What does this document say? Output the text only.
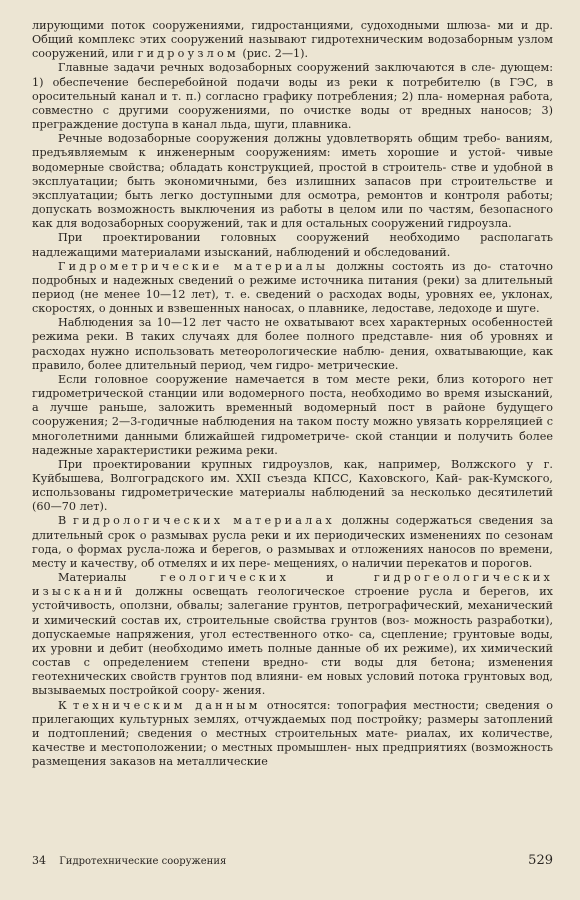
лирующими поток сооружениями, гидростанциями, судоходными шлюза- ми и др. Общий комплекс этих сооружений называют гидротехническим водозаборным узлом сооружений, или гидроузлом (рис. 2—1).

Главные задачи речных водозаборных сооружений заключаются в сле- дующем: 1) обеспечение бесперебойной подачи воды из реки к потребителю (в ГЭС, в оросительный канал и т. п.) согласно графику потребления; 2) пла- номерная работа, совместно с другими сооружениями, по очистке воды от вредных наносов; 3) преграждение доступа в канал льда, шуги, плавника.

Речные водозаборные сооружения должны удовлетворять общим требо- ваниям, предъявляемым к инженерным сооружениям: иметь хорошие и устой- чивые водомерные свойства; обладать конструкцией, простой в строитель- стве и удобной в эксплуатации; быть экономичными, без излишних запасов при строительстве и эксплуатации; быть легко доступными для осмотра, ремонтов и контроля работы; допускать возможность выключения из работы в целом или по частям, безопасного как для водозаборных сооружений, так и для остальных сооружений гидроузла.

При проектировании головных сооружений необходимо располагать надлежащими материалами изысканий, наблюдений и обследований.

Гидрометрические материалы должны состоять из до- статочно подробных и надежных сведений о режиме источника питания (реки) за длительный период (не менее 10—12 лет), т. е. сведений о расходах воды, уровнях ее, уклонах, скоростях, о донных и взвешенных наносах, о плавнике, ледоставе, ледоходе и шуге.

Наблюдения за 10—12 лет часто не охватывают всех характерных особенностей режима реки. В таких случаях для более полного представле- ния об уровнях и расходах нужно использовать метеорологические наблю- дения, охватывающие, как правило, более длительный период, чем гидро- метрические.

Если головное сооружение намечается в том месте реки, близ которого нет гидрометрической станции или водомерного поста, необходимо во время изысканий, а лучше раньше, заложить временный водомерный пост в районе будущего сооружения; 2—3-годичные наблюдения на таком посту можно увязать корреляцией с многолетними данными ближайшей гидрометриче- ской станции и получить более надежные характеристики режима реки.

При проектировании крупных гидроузлов, как, например, Волжского у г. Куйбышева, Волгоградского им. XXII съезда КПСС, Каховского, Кай- рак-Кумского, использованы гидрометрические материалы наблюдений за несколько десятилетий (60—70 лет).

В гидрологических материалах должны содержаться сведения за длительный срок о размывах русла реки и их периодических изменениях по сезонам года, о формах русла-ложа и берегов, о размывах и отложениях наносов по времени, месту и качеству, об отмелях и их пере- мещениях, о наличии перекатов и порогов.

Материалы	геологических и гидрогеологических изысканий должны освещать геологическое строение русла и берегов, их устойчивость, оползни, обвалы; залегание грунтов, петрографический, механический и химический состав их, строительные свойства грунтов (воз- можность разработки), допускаемые напряжения, угол естественного отко- са, сцепление; грунтовые воды, их уровни и дебит (необходимо иметь полные данные об их режиме), их химический состав с определением степени вредно- сти воды для бетона; изменения геотехнических свойств грунтов под влияни- ем новых условий потока грунтовых вод, вызываемых постройкой соору- жения.

К техническим данным относятся: топография местности; сведения о прилегающих культурных землях, отчуждаемых под постройку; размеры затоплений и подтоплений; сведения о местных строительных мате- риалах, их количестве, качестве и местоположении; о местных промышлен- ных предприятиях (возможность размещения заказов на металлические

34 Гидротехнические сооружения	529
